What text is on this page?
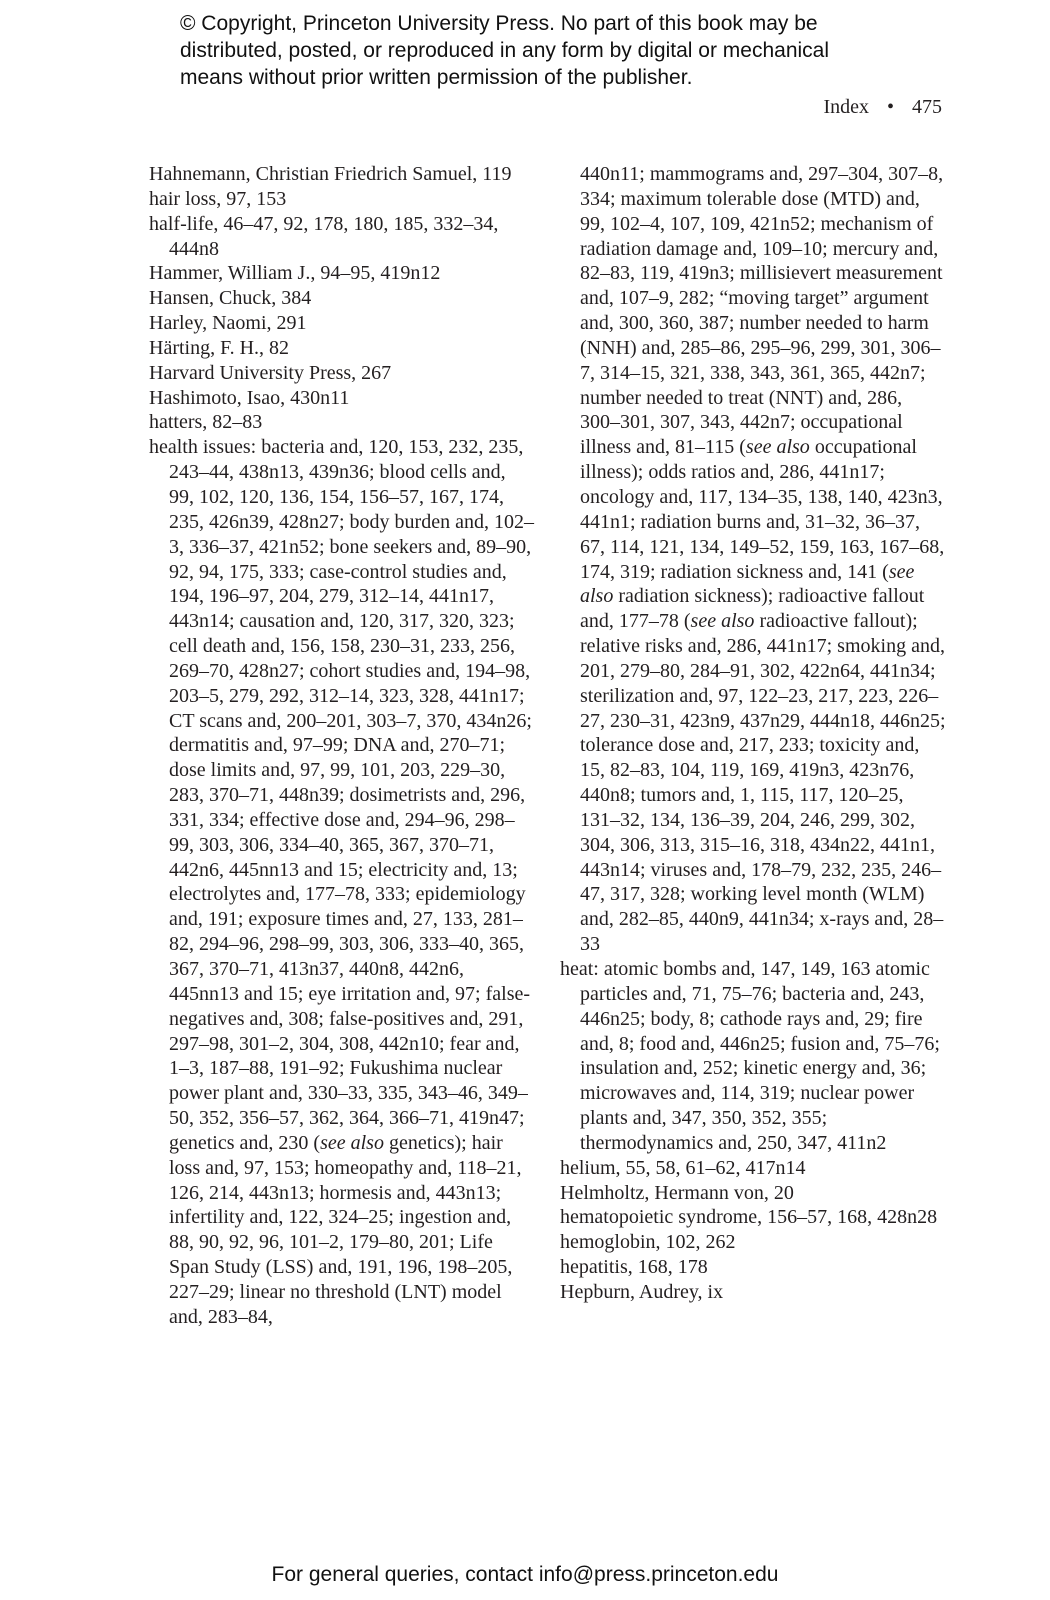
© Copyright, Princeton University Press. No part of this book may be
distributed, posted, or reproduced in any form by digital or mechanical
means without prior written permission of the publisher.
Index • 475
Hahnemann, Christian Friedrich Samuel, 119
hair loss, 97, 153
half-life, 46–47, 92, 178, 180, 185, 332–34, 444n8
Hammer, William J., 94–95, 419n12
Hansen, Chuck, 384
Harley, Naomi, 291
Härting, F. H., 82
Harvard University Press, 267
Hashimoto, Isao, 430n11
hatters, 82–83
health issues: bacteria and, 120, 153, 232, 235, 243–44, 438n13, 439n36; blood cells and, 99, 102, 120, 136, 154, 156–57, 167, 174, 235, 426n39, 428n27; body burden and, 102–3, 336–37, 421n52; bone seekers and, 89–90, 92, 94, 175, 333; case-control studies and, 194, 196–97, 204, 279, 312–14, 441n17, 443n14; causation and, 120, 317, 320, 323; cell death and, 156, 158, 230–31, 233, 256, 269–70, 428n27; cohort studies and, 194–98, 203–5, 279, 292, 312–14, 323, 328, 441n17; CT scans and, 200–201, 303–7, 370, 434n26; dermatitis and, 97–99; DNA and, 270–71; dose limits and, 97, 99, 101, 203, 229–30, 283, 370–71, 448n39; dosimetrists and, 296, 331, 334; effective dose and, 294–96, 298–99, 303, 306, 334–40, 365, 367, 370–71, 442n6, 445nn13 and 15; electricity and, 13; electrolytes and, 177–78, 333; epidemiology and, 191; exposure times and, 27, 133, 281–82, 294–96, 298–99, 303, 306, 333–40, 365, 367, 370–71, 413n37, 440n8, 442n6, 445nn13 and 15; eye irritation and, 97; false-negatives and, 308; false-positives and, 291, 297–98, 301–2, 304, 308, 442n10; fear and, 1–3, 187–88, 191–92; Fukushima nuclear power plant and, 330–33, 335, 343–46, 349–50, 352, 356–57, 362, 364, 366–71, 419n47; genetics and, 230 (see also genetics); hair loss and, 97, 153; homeopathy and, 118–21, 126, 214, 443n13; hormesis and, 443n13; infertility and, 122, 324–25; ingestion and, 88, 90, 92, 96, 101–2, 179–80, 201; Life Span Study (LSS) and, 191, 196, 198–205, 227–29; linear no threshold (LNT) model and, 283–84,
440n11; mammograms and, 297–304, 307–8, 334; maximum tolerable dose (MTD) and, 99, 102–4, 107, 109, 421n52; mechanism of radiation damage and, 109–10; mercury and, 82–83, 119, 419n3; millisievert measurement and, 107–9, 282; “moving target” argument and, 300, 360, 387; number needed to harm (NNH) and, 285–86, 295–96, 299, 301, 306–7, 314–15, 321, 338, 343, 361, 365, 442n7; number needed to treat (NNT) and, 286, 300–301, 307, 343, 442n7; occupational illness and, 81–115 (see also occupational illness); odds ratios and, 286, 441n17; oncology and, 117, 134–35, 138, 140, 423n3, 441n1; radiation burns and, 31–32, 36–37, 67, 114, 121, 134, 149–52, 159, 163, 167–68, 174, 319; radiation sickness and, 141 (see also radiation sickness); radioactive fallout and, 177–78 (see also radioactive fallout); relative risks and, 286, 441n17; smoking and, 201, 279–80, 284–91, 302, 422n64, 441n34; sterilization and, 97, 122–23, 217, 223, 226–27, 230–31, 423n9, 437n29, 444n18, 446n25; tolerance dose and, 217, 233; toxicity and, 15, 82–83, 104, 119, 169, 419n3, 423n76, 440n8; tumors and, 1, 115, 117, 120–25, 131–32, 134, 136–39, 204, 246, 299, 302, 304, 306, 313, 315–16, 318, 434n22, 441n1, 443n14; viruses and, 178–79, 232, 235, 246–47, 317, 328; working level month (WLM) and, 282–85, 440n9, 441n34; x-rays and, 28–33
heat: atomic bombs and, 147, 149, 163 atomic particles and, 71, 75–76; bacteria and, 243, 446n25; body, 8; cathode rays and, 29; fire and, 8; food and, 446n25; fusion and, 75–76; insulation and, 252; kinetic energy and, 36; microwaves and, 114, 319; nuclear power plants and, 347, 350, 352, 355; thermodynamics and, 250, 347, 411n2
helium, 55, 58, 61–62, 417n14
Helmholtz, Hermann von, 20
hematopoietic syndrome, 156–57, 168, 428n28
hemoglobin, 102, 262
hepatitis, 168, 178
Hepburn, Audrey, ix
For general queries, contact info@press.princeton.edu
